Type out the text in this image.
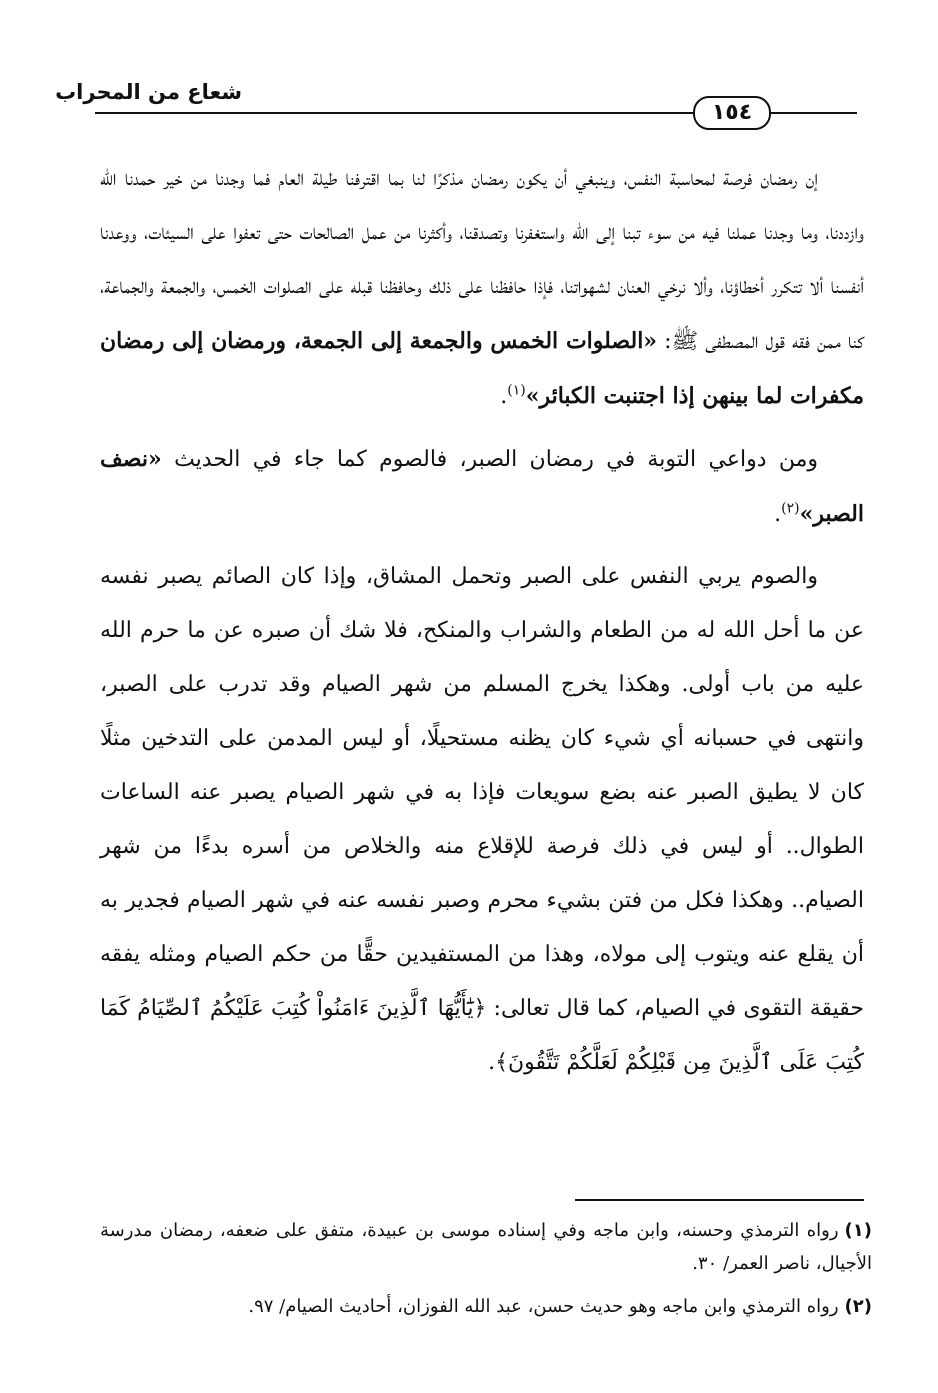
شعاع من المحراب
١٥٤

إن رمضان فرصة لمحاسبة النفس، وينبغي أن يكون رمضان مذكرًا لنا بما اقترفنا طيلة العام فما وجدنا من خير حمدنا الله وازددنا، وما وجدنا عملنا فيه من سوء تبنا إلى الله واستغفرنا وتصدقنا، وأكثرنا من عمل الصالحات حتى تعفوا على السيئات، ووعدنا أنفسنا ألا تتكرر أخطاؤنا، وألا نرخي العنان لشهواتنا، فإذا حافظنا على ذلك وحافظنا قبله على الصلوات الخمس، والجمعة والجماعة، كنا ممن فقه قول المصطفى ﷺ: «الصلوات الخمس والجمعة إلى الجمعة، ورمضان إلى رمضان مكفرات لما بينهن إذا اجتنبت الكبائر»$^{(١)}$.

ومن دواعي التوبة في رمضان الصبر، فالصوم كما جاء في الحديث «نصف الصبر»$^{(٢)}$.

والصوم يربي النفس على الصبر وتحمل المشاق، وإذا كان الصائم يصبر نفسه عن ما أحل الله له من الطعام والشراب والمنكح، فلا شك أن صبره عن ما حرم الله عليه من باب أولى. وهكذا يخرج المسلم من شهر الصيام وقد تدرب على الصبر، وانتهى في حسبانه أي شيء كان يظنه مستحيلًا، أو ليس المدمن على التدخين مثلًا كان لا يطيق الصبر عنه بضع سويعات فإذا به في شهر الصيام يصبر عنه الساعات الطوال.. أو ليس في ذلك فرصة للإقلاع منه والخلاص من أسره بدءًا من شهر الصيام.. وهكذا فكل من فتن بشيء محرم وصبر نفسه عنه في شهر الصيام فجدير به أن يقلع عنه ويتوب إلى مولاه، وهذا من المستفيدين حقًّا من حكم الصيام ومثله يفقه حقيقة التقوى في الصيام، كما قال تعالى: ﴿يَٰٓأَيُّهَا ٱلَّذِينَ ءَامَنُواْ كُتِبَ عَلَيْكُمُ ٱلصِّيَامُ كَمَا كُتِبَ عَلَى ٱلَّذِينَ مِن قَبْلِكُمْ لَعَلَّكُمْ تَتَّقُونَ﴾.

(١)رواه الترمذي وحسنه، وابن ماجه وفي إسناده موسى بن عبيدة، متفق على ضعفه، رمضان مدرسة الأجيال، ناصر العمر/ ٣٠.

(٢)رواه الترمذي وابن ماجه وهو حديث حسن، عبد الله الفوزان، أحاديث الصيام/ ٩٧.
